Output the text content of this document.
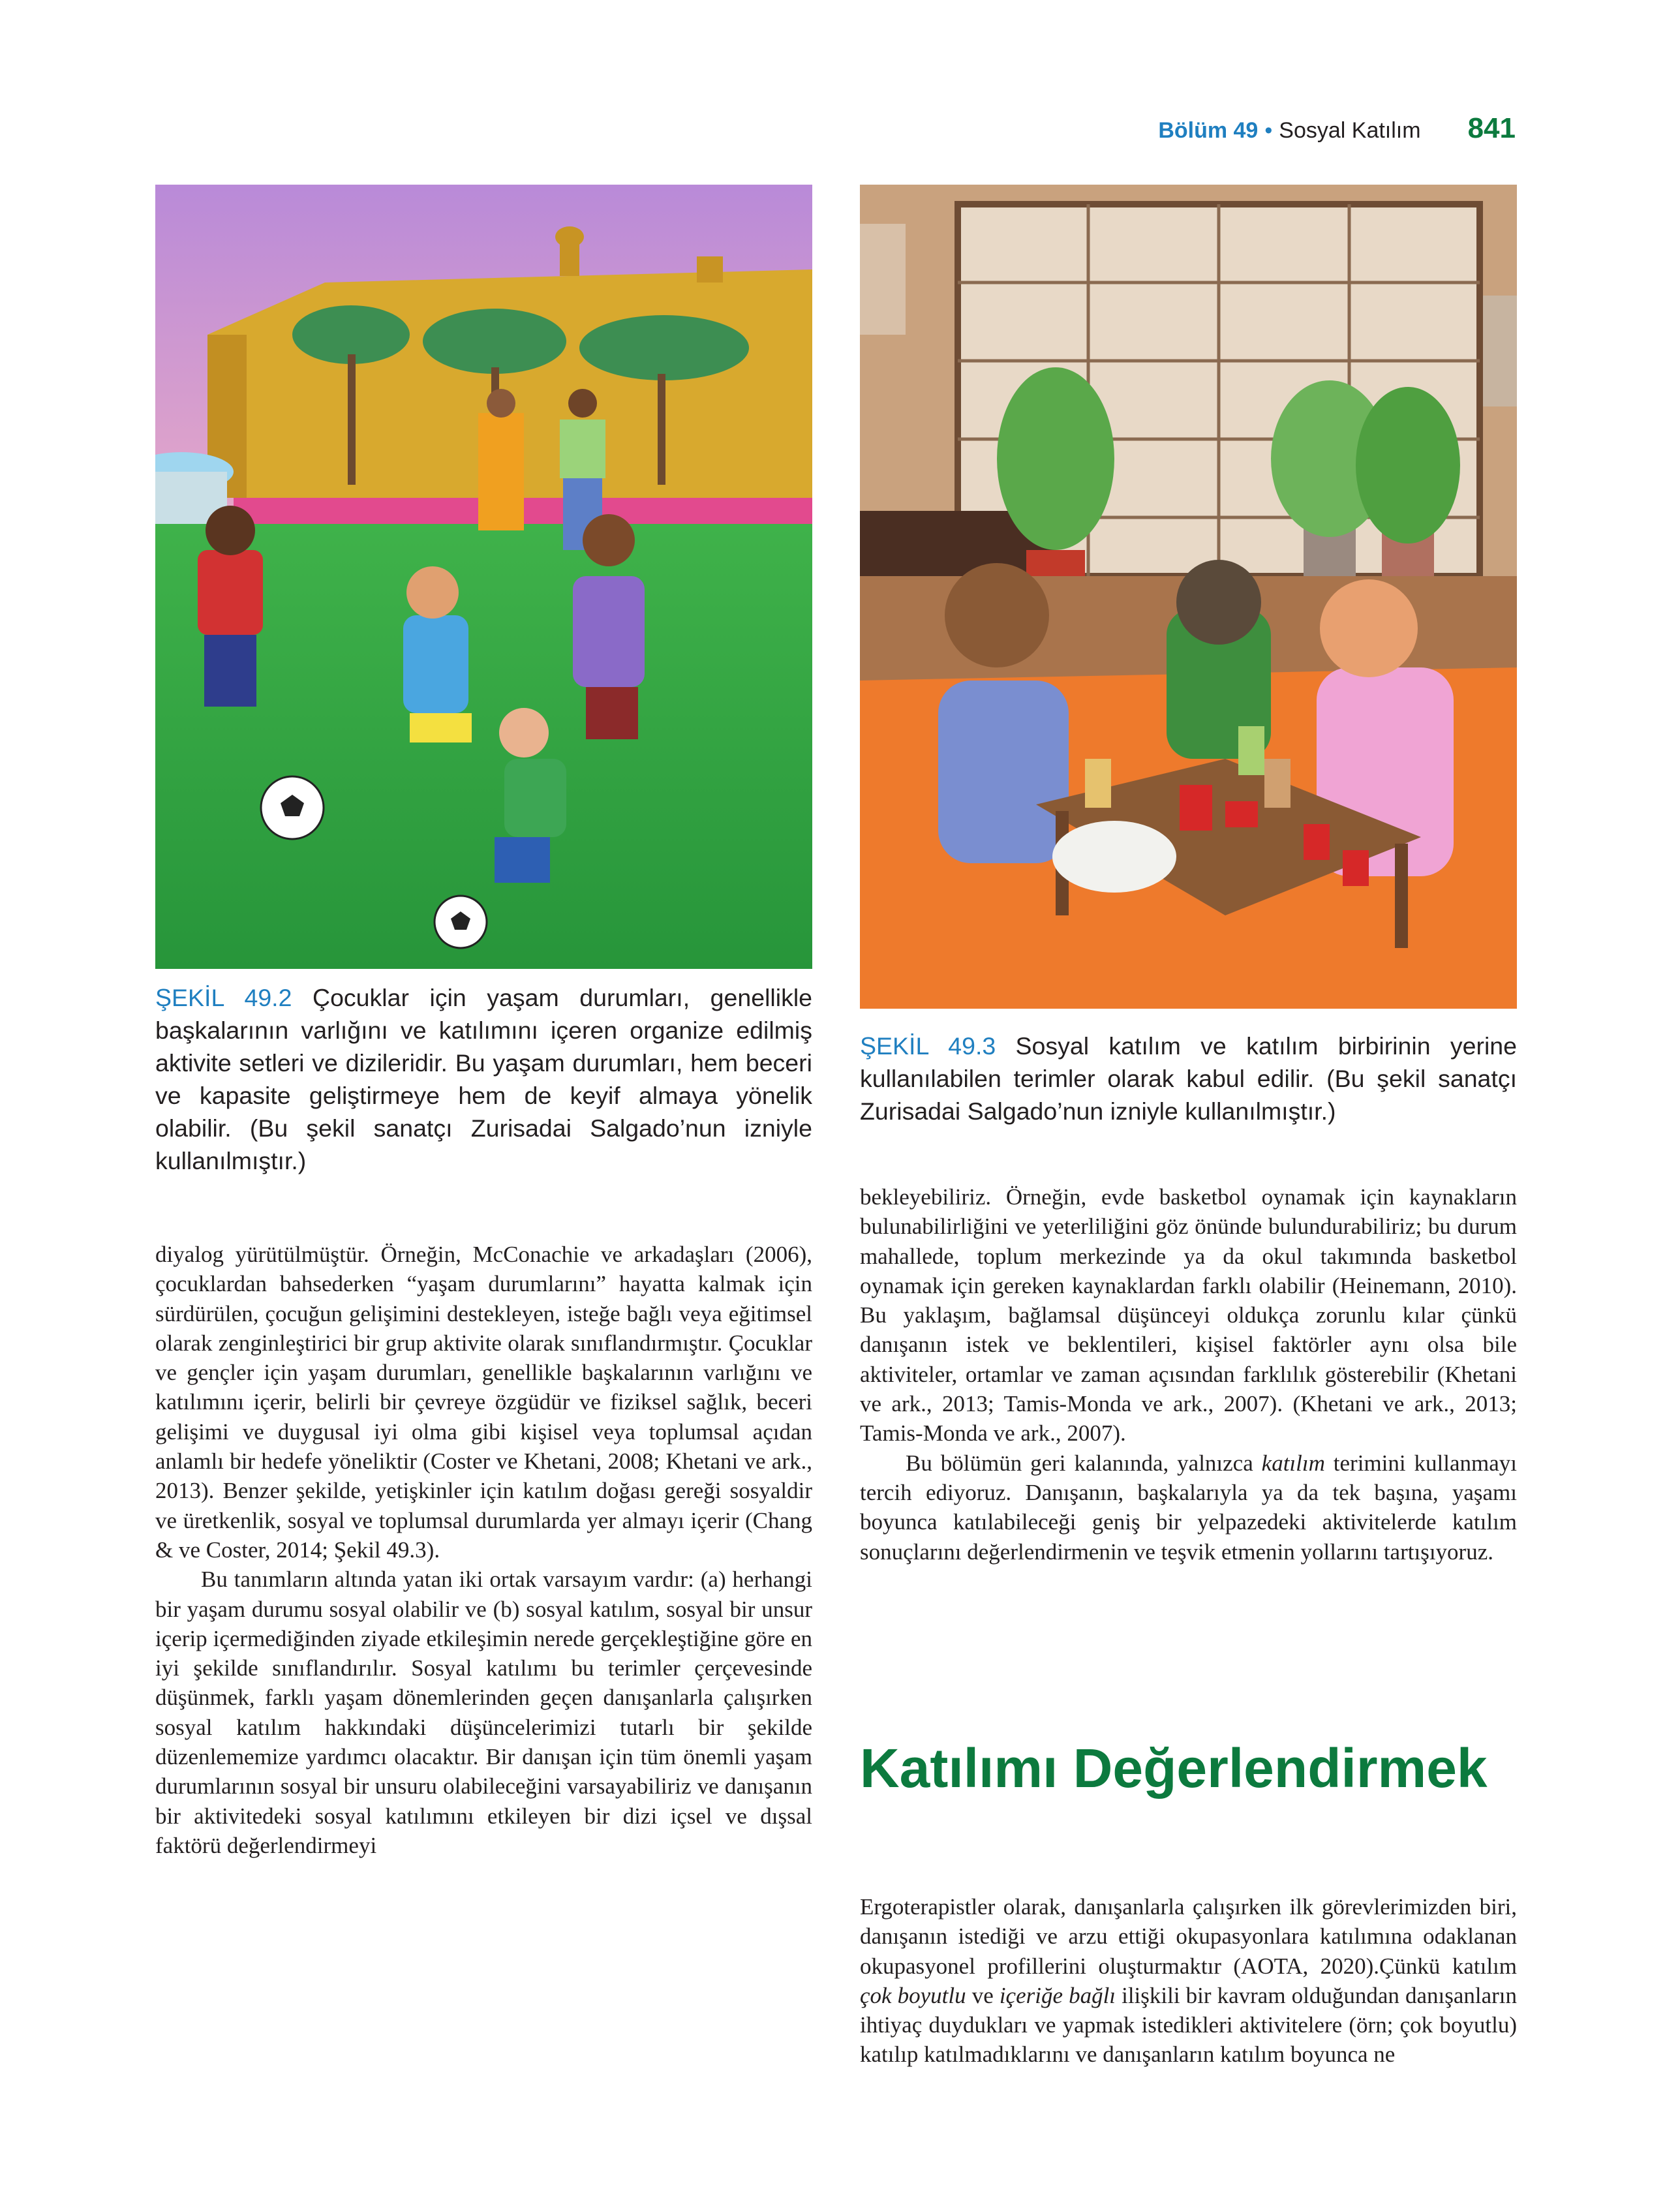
Bölüm 49 • Sosyal Katılım 841
ŞEKİL 49.2 Çocuklar için yaşam durumları, genellikle başkalarının varlığını ve katılımını içeren organize edilmiş aktivite setleri ve dizileridir. Bu yaşam durumları, hem beceri ve kapasite geliştirmeye hem de keyif almaya yönelik olabilir. (Bu şekil sanatçı Zurisadai Salgado’nun izniyle kullanılmıştır.)
ŞEKİL 49.3 Sosyal katılım ve katılım birbirinin yerine kullanılabilen terimler olarak kabul edilir. (Bu şekil sanatçı Zurisadai Salgado’nun izniyle kullanılmıştır.)

diyalog yürütülmüştür. Örneğin, McConachie ve arkadaşları (2006), çocuklardan bahsederken “yaşam durumlarını” hayatta kalmak için sürdürülen, çocuğun gelişimini destekleyen, isteğe bağlı veya eğitimsel olarak zenginleştirici bir grup aktivite olarak sınıflandırmıştır. Çocuklar ve gençler için yaşam durumları, genellikle başkalarının varlığını ve katılımını içerir, belirli bir çevreye özgüdür ve fiziksel sağlık, beceri gelişimi ve duygusal iyi olma gibi kişisel veya toplumsal açıdan anlamlı bir hedefe yöneliktir (Coster ve Khetani, 2008; Khetani ve ark., 2013). Benzer şekilde, yetişkinler için katılım doğası gereği sosyaldir ve üretkenlik, sosyal ve toplumsal durumlarda yer almayı içerir (Chang & ve Coster, 2014; Şekil 49.3).

Bu tanımların altında yatan iki ortak varsayım vardır: (a) herhangi bir yaşam durumu sosyal olabilir ve (b) sosyal katılım, sosyal bir unsur içerip içermediğinden ziyade etkileşimin nerede gerçekleştiğine göre en iyi şekilde sınıflandırılır. Sosyal katılımı bu terimler çerçevesinde düşünmek, farklı yaşam dönemlerinden geçen danışanlarla çalışırken sosyal katılım hakkındaki düşüncelerimizi tutarlı bir şekilde düzenlememize yardımcı olacaktır. Bir danışan için tüm önemli yaşam durumlarının sosyal bir unsuru olabileceğini varsayabiliriz ve danışanın bir aktivitedeki sosyal katılımını etkileyen bir dizi içsel ve dışsal faktörü değerlendirmeyi

bekleyebiliriz. Örneğin, evde basketbol oynamak için kaynakların bulunabilirliğini ve yeterliliğini göz önünde bulundurabiliriz; bu durum mahallede, toplum merkezinde ya da okul takımında basketbol oynamak için gereken kaynaklardan farklı olabilir (Heinemann, 2010). Bu yaklaşım, bağlamsal düşünceyi oldukça zorunlu kılar çünkü danışanın istek ve beklentileri, kişisel faktörler aynı olsa bile aktiviteler, ortamlar ve zaman açısından farklılık gösterebilir (Khetani ve ark., 2013; Tamis-Monda ve ark., 2007). (Khetani ve ark., 2013; Tamis-Monda ve ark., 2007).

Bu bölümün geri kalanında, yalnızca katılım terimini kullanmayı tercih ediyoruz. Danışanın, başkalarıyla ya da tek başına, yaşamı boyunca katılabileceği geniş bir yelpazedeki aktivitelerde katılım sonuçlarını değerlendirmenin ve teşvik etmenin yollarını tartışıyoruz.

Katılımı Değerlendirmek

Ergoterapistler olarak, danışanlarla çalışırken ilk görevlerimizden biri, danışanın istediği ve arzu ettiği okupasyonlara katılımına odaklanan okupasyonel profillerini oluşturmaktır (AOTA, 2020).Çünkü katılım çok boyutlu ve içeriğe bağlı ilişkili bir kavram olduğundan danışanların ihtiyaç duydukları ve yapmak istedikleri aktivitelere (örn; çok boyutlu) katılıp katılmadıklarını ve danışanların katılım boyunca ne
